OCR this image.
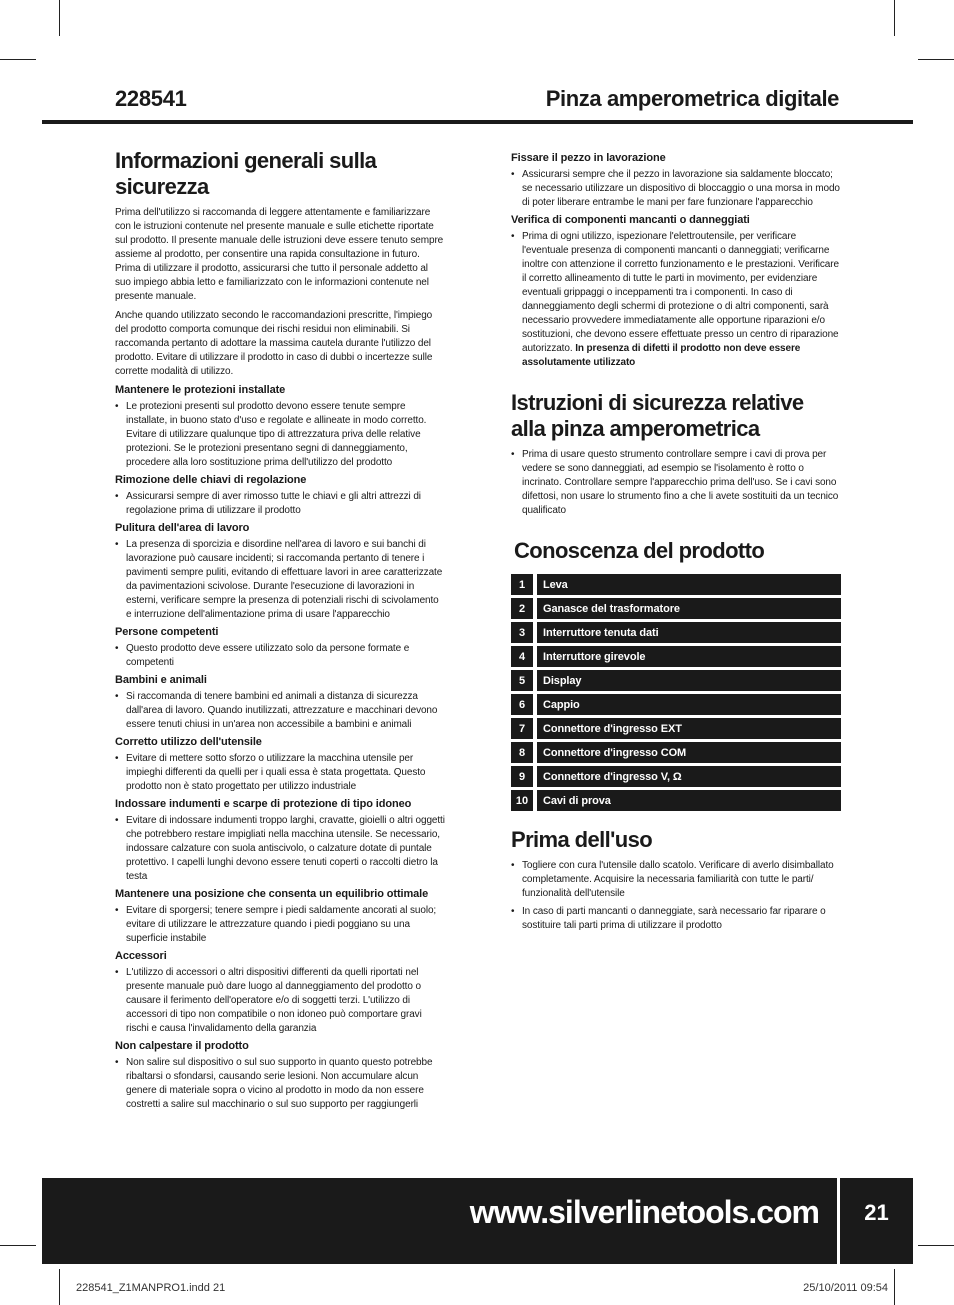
228541	Pinza amperometrica digitale
Informazioni generali sulla sicurezza
Prima dell'utilizzo si raccomanda di leggere attentamente e familiarizzare con le istruzioni contenute nel presente manuale e sulle etichette riportate sul prodotto. Il presente manuale delle istruzioni deve essere tenuto sempre assieme al prodotto, per consentire una rapida consultazione in futuro. Prima di utilizzare il prodotto, assicurarsi che tutto il personale addetto al suo impiego abbia letto e familiarizzato con le informazioni contenute nel presente manuale.
Anche quando utilizzato secondo le raccomandazioni prescritte, l'impiego del prodotto comporta comunque dei rischi residui non eliminabili. Si raccomanda pertanto di adottare la massima cautela durante l'utilizzo del prodotto. Evitare di utilizzare il prodotto in caso di dubbi o incertezze sulle corrette modalità di utilizzo.
Mantenere le protezioni installate
• Le protezioni presenti sul prodotto devono essere tenute sempre installate, in buono stato d'uso e regolate e allineate in modo corretto. Evitare di utilizzare qualunque tipo di attrezzatura priva delle relative protezioni. Se le protezioni presentano segni di danneggiamento, procedere alla loro sostituzione prima dell'utilizzo del prodotto
Rimozione delle chiavi di regolazione
• Assicurarsi sempre di aver rimosso tutte le chiavi e gli altri attrezzi di regolazione prima di utilizzare il prodotto
Pulitura dell'area di lavoro
• La presenza di sporcizia e disordine nell'area di lavoro e sui banchi di lavorazione può causare incidenti; si raccomanda pertanto di tenere i pavimenti sempre puliti, evitando di effettuare lavori in aree caratterizzate da pavimentazioni scivolose. Durante l'esecuzione di lavorazioni in esterni, verificare sempre la presenza di potenziali rischi di scivolamento e interruzione dell'alimentazione prima di usare l'apparecchio
Persone competenti
• Questo prodotto deve essere utilizzato solo da persone formate e competenti
Bambini e animali
• Si raccomanda di tenere bambini ed animali a distanza di sicurezza dall'area di lavoro. Quando inutilizzati, attrezzature e macchinari devono essere tenuti chiusi in un'area non accessibile a bambini e animali
Corretto utilizzo dell'utensile
• Evitare di mettere sotto sforzo o utilizzare la macchina utensile per impieghi differenti da quelli per i quali essa è stata progettata. Questo prodotto non è stato progettato per utilizzo industriale
Indossare indumenti e scarpe di protezione di tipo idoneo
• Evitare di indossare indumenti troppo larghi, cravatte, gioielli o altri oggetti che potrebbero restare impigliati nella macchina utensile. Se necessario, indossare calzature con suola antiscivolo, o calzature dotate di puntale protettivo. I capelli lunghi devono essere tenuti coperti o raccolti dietro la testa
Mantenere una posizione che consenta un equilibrio ottimale
• Evitare di sporgersi; tenere sempre i piedi saldamente ancorati al suolo; evitare di utilizzare le attrezzature quando i piedi poggiano su una superficie instabile
Accessori
• L'utilizzo di accessori o altri dispositivi differenti da quelli riportati nel presente manuale può dare luogo al danneggiamento del prodotto o causare il ferimento dell'operatore e/o di soggetti terzi. L'utilizzo di accessori di tipo non compatibile o non idoneo può comportare gravi rischi e causa l'invalidamento della garanzia
Non calpestare il prodotto
• Non salire sul dispositivo o sul suo supporto in quanto questo potrebbe ribaltarsi o sfondarsi, causando serie lesioni. Non accumulare alcun genere di materiale sopra o vicino al prodotto in modo da non essere costretti a salire sul macchinario o sul suo supporto per raggiungerli
Fissare il pezzo in lavorazione
• Assicurarsi sempre che il pezzo in lavorazione sia saldamente bloccato; se necessario utilizzare un dispositivo di bloccaggio o una morsa in modo di poter liberare entrambe le mani per fare funzionare l'apparecchio
Verifica di componenti mancanti o danneggiati
• Prima di ogni utilizzo, ispezionare l'elettroutensile, per verificare l'eventuale presenza di componenti mancanti o danneggiati; verificarne inoltre con attenzione il corretto funzionamento e le prestazioni. Verificare il corretto allineamento di tutte le parti in movimento, per evidenziare eventuali grippaggi o inceppamenti tra i componenti. In caso di danneggiamento degli schermi di protezione o di altri componenti, sarà necessario provvedere immediatamente alle opportune riparazioni e/o sostituzioni, che devono essere effettuate presso un centro di riparazione autorizzato. In presenza di difetti il prodotto non deve essere assolutamente utilizzato
Istruzioni di sicurezza relative alla pinza amperometrica
• Prima di usare questo strumento controllare sempre i cavi di prova per vedere se sono danneggiati, ad esempio se l'isolamento è rotto o incrinato. Controllare sempre l'apparecchio prima dell'uso. Se i cavi sono difettosi, non usare lo strumento fino a che li avete sostituiti da un tecnico qualificato
Conoscenza del prodotto
1	Leva
2	Ganasce del trasformatore
3	Interruttore tenuta dati
4	Interruttore girevole
5	Display
6	Cappio
7	Connettore d'ingresso EXT
8	Connettore d'ingresso COM
9	Connettore d'ingresso V, Ω
10	Cavi di prova
Prima dell'uso
• Togliere con cura l'utensile dallo scatolo. Verificare di averlo disimballato completamente. Acquisire la necessaria familiarità con tutte le parti/ funzionalità dell'utensile
• In caso di parti mancanti o danneggiate, sarà necessario far riparare o sostituire tali parti prima di utilizzare il prodotto
www.silverlinetools.com	21
228541_Z1MANPRO1.indd 21	25/10/2011 09:54
